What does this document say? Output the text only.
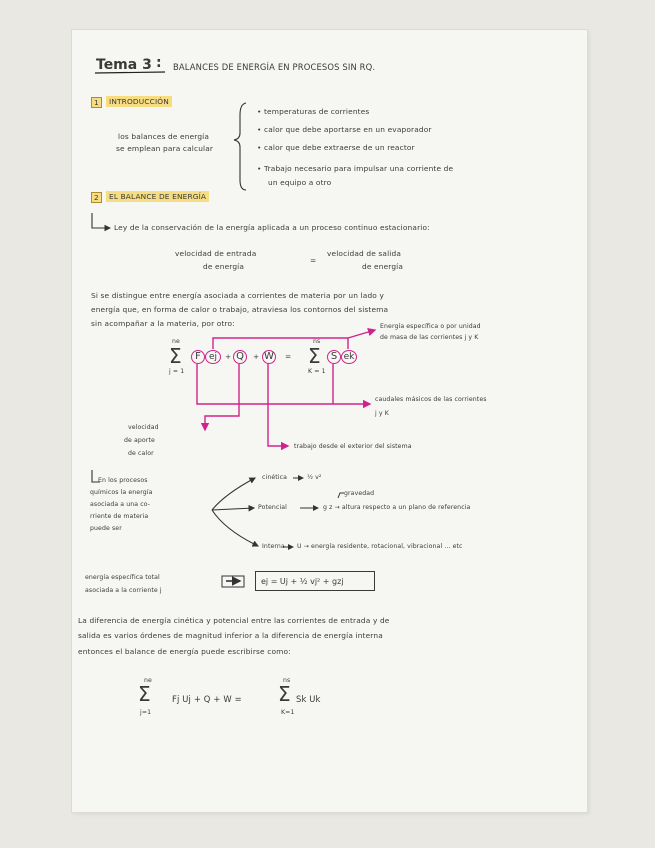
Tema 3 : BALANCES DE ENERGÍA EN PROCESOS SIN RQ.
1	INTRODUCCIÓN
los balances de energía
se emplean para calcular
• temperaturas de corrientes
• calor que debe aportarse en un evaporador
• calor que debe extraerse de un reactor
• Trabajo necesario para impulsar una corriente de
un equipo a otro
2	EL BALANCE DE ENERGÍA
Ley de la conservación de la energía aplicada a un proceso continuo estacionario:
velocidad de entrada
de energía
=
velocidad de salida
de energía
Si se distingue entre energía asociada a corrientes de materia por un lado y
energía que, en forma de calor o trabajo, atraviesa los contornos del sistema
sin acompañar a la materia, por otro:
ne
Σ
j = 1
F ej	+ Q	+ W =
ns
Σ
K = 1
S ek
Energía específica o por unidad
de masa de las corrientes j y K
caudales másicos de las corrientes
j y K
velocidad
de aporte
de calor
trabajo desde el exterior del sistema
En los procesos
químicos la energía
asociada a una co-
rriente de materia
puede ser
cinética	½ v²
gravedad
Potencial	g z → altura respecto a un plano de referencia
Interna U → energía residente, rotacional, vibracional ... etc
energía específica total
asociada a la corriente j
ej = Uj + ½ vj² + gzj
La diferencia de energía cinética y potencial entre las corrientes de entrada y de
salida es varios órdenes de magnitud inferior a la diferencia de energía interna
entonces el balance de energía puede escribirse como:
ne
Σ
j=1
Fj Uj + Q + W =
ns
Σ
K=1
Sk Uk
